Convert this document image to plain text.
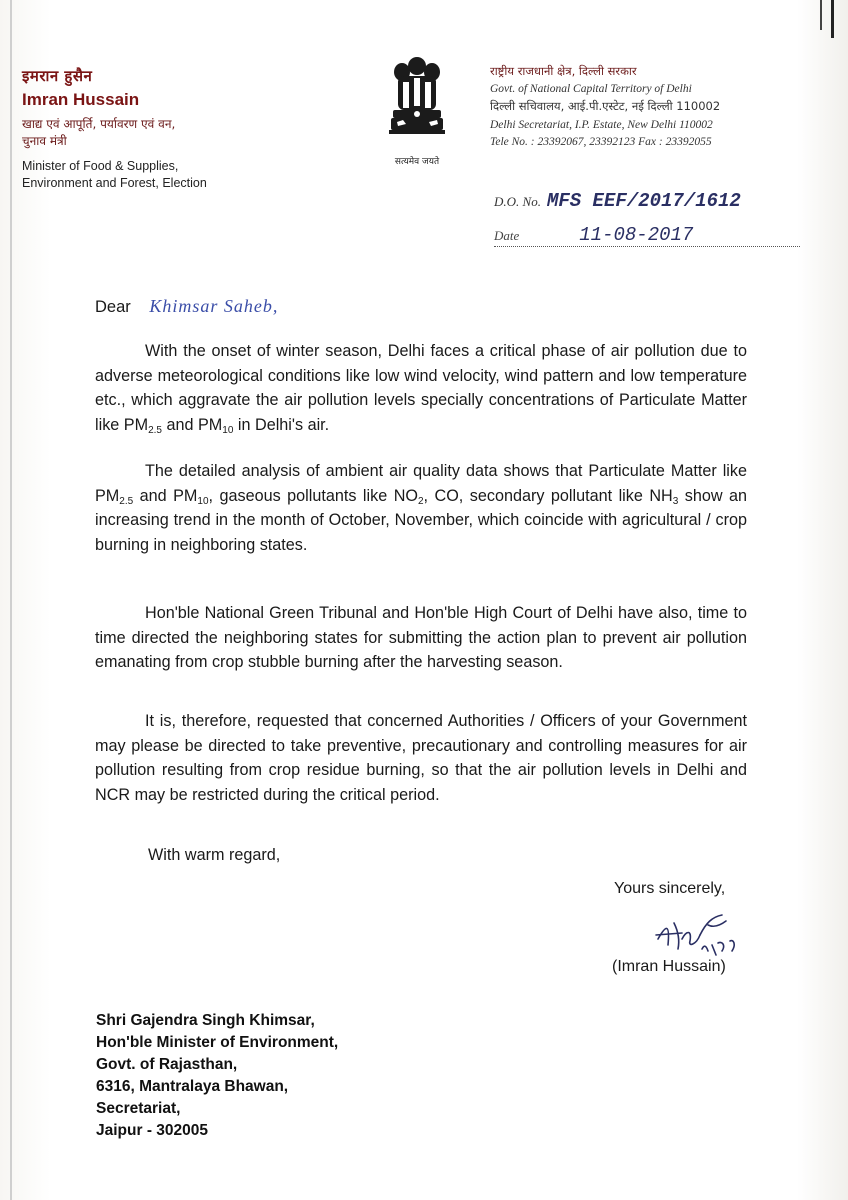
इमरान हुसैन
Imran Hussain
खाद्य एवं आपूर्ति, पर्यावरण एवं वन,
चुनाव मंत्री
Minister of Food & Supplies,
Environment and Forest, Election
सत्यमेव जयते
राष्ट्रीय राजधानी क्षेत्र, दिल्ली सरकार
Govt. of National Capital Territory of Delhi
दिल्ली सचिवालय, आई.पी.एस्टेट, नई दिल्ली 110002
Delhi Secretariat, I.P. Estate, New Delhi 110002
Tele No. : 23392067, 23392123 Fax : 23392055
D.O. No. MFS EEF/2017/1612
Date	11-08-2017
Dear Khimsar Saheb,
With the onset of winter season, Delhi faces a critical phase of air pollution due to adverse meteorological conditions like low wind velocity, wind pattern and low temperature etc., which aggravate the air pollution levels specially concentrations of Particulate Matter like $PM_{2.5}$ and $PM_{10}$ in Delhi's air.
The detailed analysis of ambient air quality data shows that Particulate Matter like $PM_{2.5}$ and $PM_{10}$, gaseous pollutants like $NO_2$, CO, secondary pollutant like $NH_3$ show an increasing trend in the month of October, November, which coincide with agricultural / crop burning in neighboring states.
Hon'ble National Green Tribunal and Hon'ble High Court of Delhi have also, time to time directed the neighboring states for submitting the action plan to prevent air pollution emanating from crop stubble burning after the harvesting season.
It is, therefore, requested that concerned Authorities / Officers of your Government may please be directed to take preventive, precautionary and controlling measures for air pollution resulting from crop residue burning, so that the air pollution levels in Delhi and NCR may be restricted during the critical period.
With warm regard,
Yours sincerely,
(Imran Hussain)
Shri Gajendra Singh Khimsar,
Hon'ble Minister of Environment,
Govt. of Rajasthan,
6316, Mantralaya Bhawan,
Secretariat,
Jaipur - 302005
